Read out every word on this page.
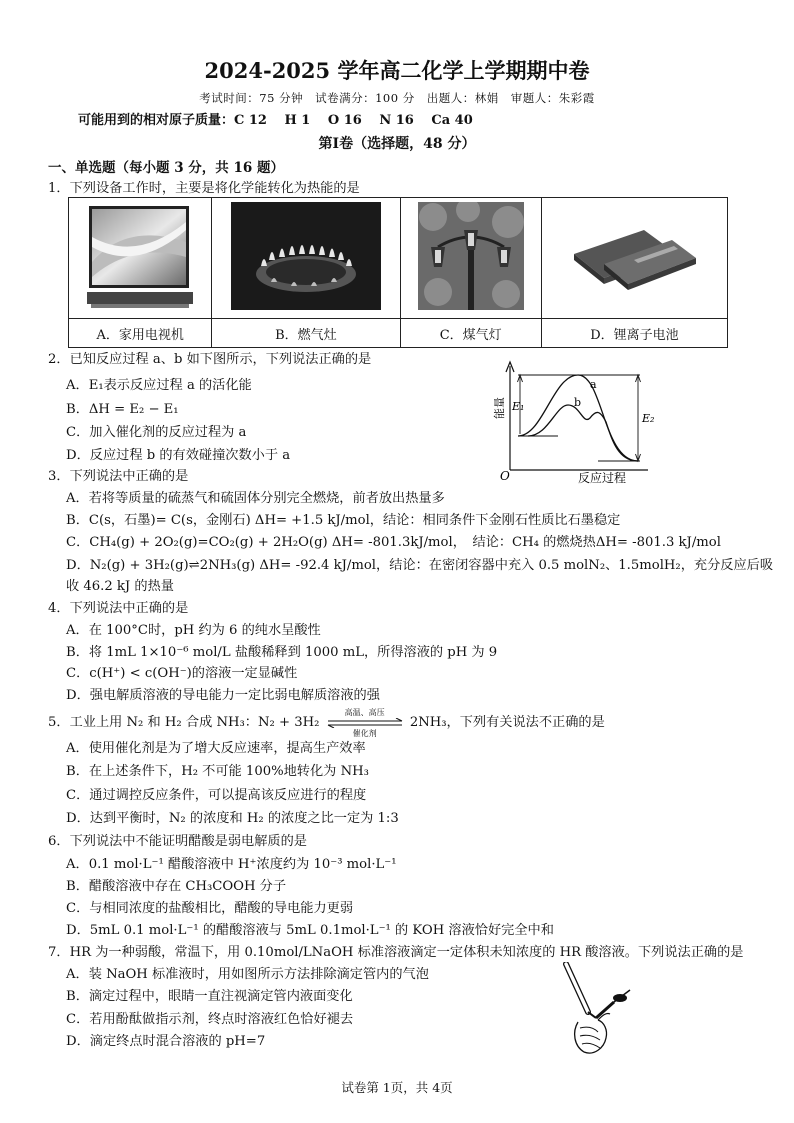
2024-2025 学年高二化学上学期期中卷
考试时间：75 分钟　试卷满分：100 分　出题人：林娟　审题人：朱彩霞
可能用到的相对原子质量：C 12　 H 1　 O 16　 N 16　 Ca 40
第Ⅰ卷（选择题，48 分）
一、单选题（每小题 3 分，共 16 题）
1．下列设备工作时，主要是将化学能转化为热能的是

A．家用电视机	B．燃气灶	C．煤气灯	D．锂离子电池
2．已知反应过程 a、b 如下图所示，下列说法正确的是
A．E₁表示反应过程 a 的活化能
B．ΔH = E₂ − E₁
C．加入催化剂的反应过程为 a
D．反应过程 b 的有效碰撞次数小于 a
能量
O	反应过程
a
b
E₁
E₂
3．下列说法中正确的是
A．若将等质量的硫蒸气和硫固体分别完全燃烧，前者放出热量多
B．C(s，石墨)= C(s，金刚石) ΔH= +1.5 kJ/mol，结论：相同条件下金刚石性质比石墨稳定
C．CH₄(g) + 2O₂(g)=CO₂(g) + 2H₂O(g) ΔH= -801.3kJ/mol，　结论：CH₄ 的燃烧热ΔH= -801.3 kJ/mol
D．N₂(g) + 3H₂(g)⇌2NH₃(g) ΔH= -92.4 kJ/mol，结论：在密闭容器中充入 0.5 molN₂、1.5molH₂，充分反应后吸
收 46.2 kJ 的热量
4．下列说法中正确的是
A．在 100°C时，pH 约为 6 的纯水呈酸性
B．将 1mL 1×10⁻⁶ mol/L 盐酸稀释到 1000 mL，所得溶液的 pH 为 9
C．c(H⁺) < c(OH⁻)的溶液一定显碱性
D．强电解质溶液的导电能力一定比弱电解质溶液的强
5．工业上用 N₂ 和 H₂ 合成 NH₃：N₂ + 3H₂
高温、高压
催化剂
2NH₃，下列有关说法不正确的是
A．使用催化剂是为了增大反应速率，提高生产效率
B．在上述条件下，H₂ 不可能 100%地转化为 NH₃
C．通过调控反应条件，可以提高该反应进行的程度
D．达到平衡时，N₂ 的浓度和 H₂ 的浓度之比一定为 1:3
6．下列说法中不能证明醋酸是弱电解质的是
A．0.1 mol·L⁻¹ 醋酸溶液中 H⁺浓度约为 10⁻³ mol·L⁻¹
B．醋酸溶液中存在 CH₃COOH 分子
C．与相同浓度的盐酸相比，醋酸的导电能力更弱
D．5mL 0.1 mol·L⁻¹ 的醋酸溶液与 5mL 0.1mol·L⁻¹ 的 KOH 溶液恰好完全中和
7．HR 为一种弱酸，常温下，用 0.10mol/LNaOH 标准溶液滴定一定体积未知浓度的 HR 酸溶液。下列说法正确的是
A．装 NaOH 标准液时，用如图所示方法排除滴定管内的气泡
B．滴定过程中，眼睛一直注视滴定管内液面变化
C．若用酚酞做指示剂，终点时溶液红色恰好褪去
D．滴定终点时混合溶液的 pH=7
试卷第 1页，共 4页
